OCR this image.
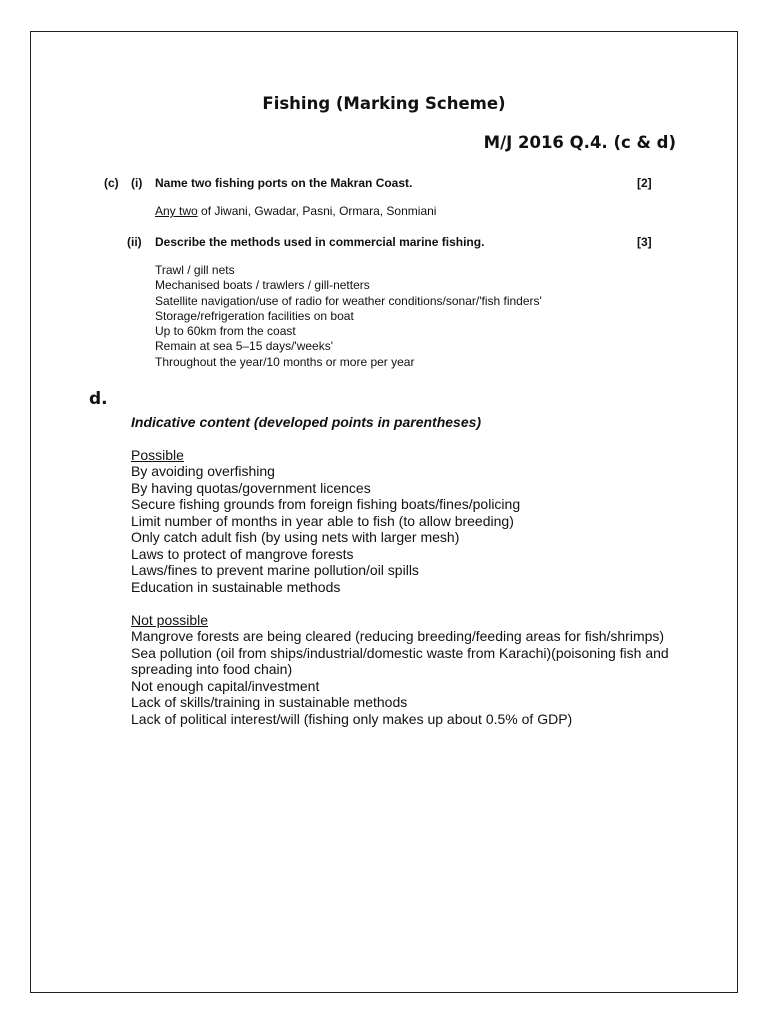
Fishing (Marking Scheme)
M/J 2016 Q.4. (c & d)
(c) (i) Name two fishing ports on the Makran Coast.	[2]
Any two of Jiwani, Gwadar, Pasni, Ormara, Sonmiani
(ii) Describe the methods used in commercial marine fishing.	[3]
Trawl / gill nets
Mechanised boats / trawlers / gill-netters
Satellite navigation/use of radio for weather conditions/sonar/'fish finders'
Storage/refrigeration facilities on boat
Up to 60km from the coast
Remain at sea 5–15 days/'weeks'
Throughout the year/10 months or more per year
d.
Indicative content (developed points in parentheses)
Possible
By avoiding overfishing
By having quotas/government licences
Secure fishing grounds from foreign fishing boats/fines/policing
Limit number of months in year able to fish (to allow breeding)
Only catch adult fish (by using nets with larger mesh)
Laws to protect of mangrove forests
Laws/fines to prevent marine pollution/oil spills
Education in sustainable methods
Not possible
Mangrove forests are being cleared (reducing breeding/feeding areas for fish/shrimps)
Sea pollution (oil from ships/industrial/domestic waste from Karachi)(poisoning fish and spreading into food chain)
Not enough capital/investment
Lack of skills/training in sustainable methods
Lack of political interest/will (fishing only makes up about 0.5% of GDP)
